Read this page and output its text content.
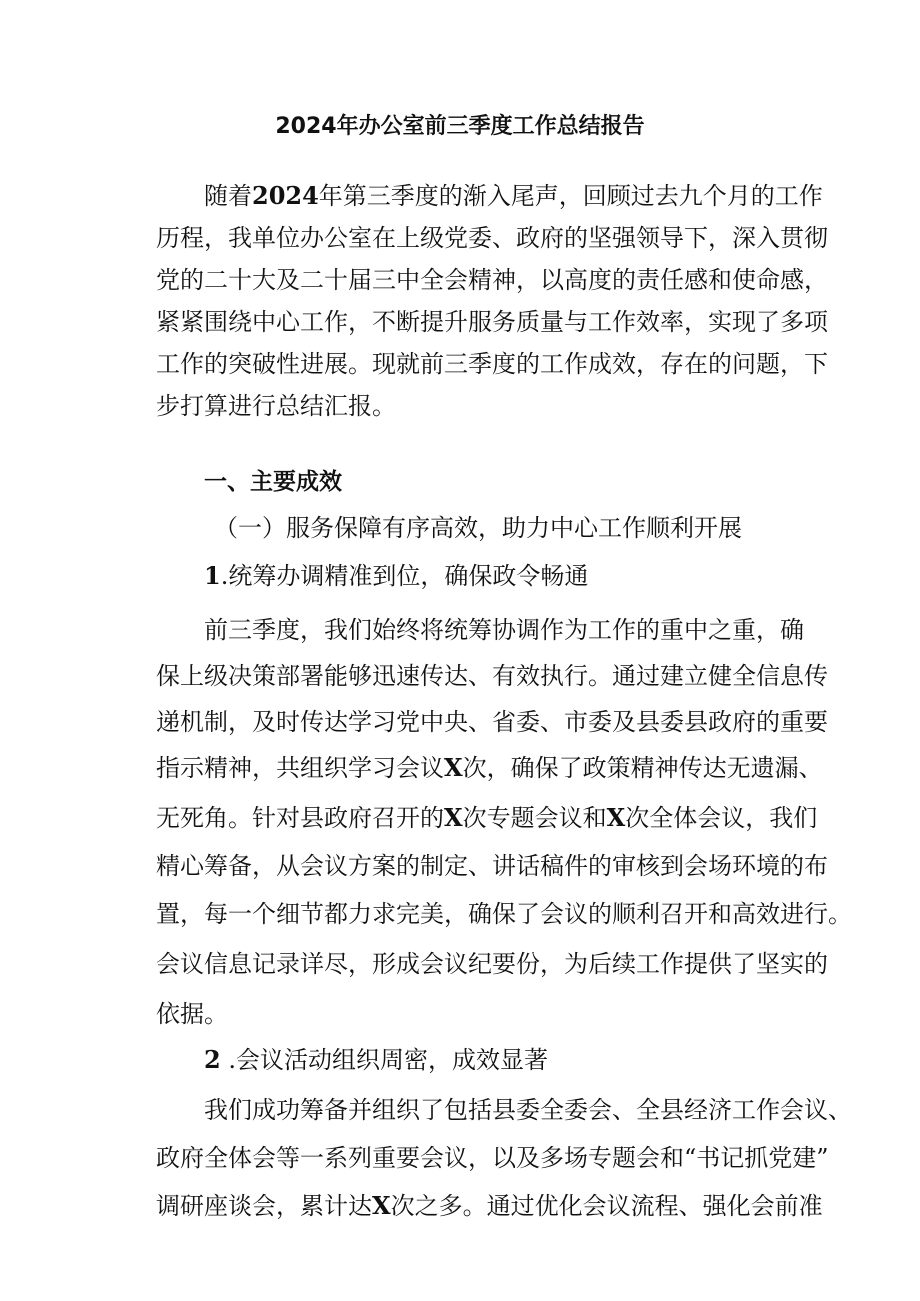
2024年办公室前三季度工作总结报告

随着2024年第三季度的渐入尾声，回顾过去九个月的工作

历程，我单位办公室在上级党委、政府的坚强领导下，深入贯彻

党的二十大及二十届三中全会精神，以高度的责任感和使命感，

紧紧围绕中心工作，不断提升服务质量与工作效率，实现了多项

工作的突破性进展。现就前三季度的工作成效，存在的问题，下

步打算进行总结汇报。

一、主要成效
（一）服务保障有序高效，助力中心工作顺利开展
1.统筹办调精准到位，确保政令畅通

前三季度，我们始终将统筹协调作为工作的重中之重，确

保上级决策部署能够迅速传达、有效执行。通过建立健全信息传

递机制，及时传达学习党中央、省委、市委及县委县政府的重要

指示精神，共组织学习会议X次，确保了政策精神传达无遗漏、

无死角。针对县政府召开的X次专题会议和X次全体会议，我们

精心筹备，从会议方案的制定、讲话稿件的审核到会场环境的布

置，每一个细节都力求完美，确保了会议的顺利召开和高效进行。

会议信息记录详尽，形成会议纪要份，为后续工作提供了坚实的

依据。

2 .会议活动组织周密，成效显著

我们成功筹备并组织了包括县委全委会、全县经济工作会议、

政府全体会等一系列重要会议，以及多场专题会和“书记抓党建”

调研座谈会，累计达X次之多。通过优化会议流程、强化会前准
